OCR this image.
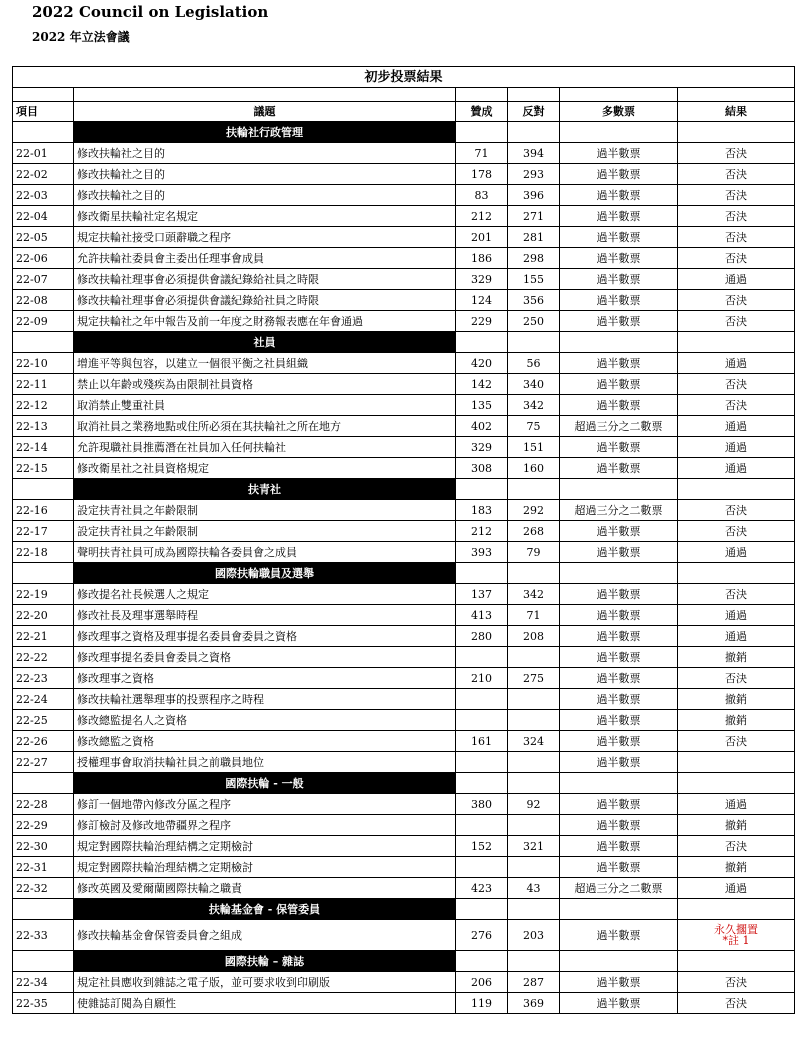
2022 Council on Legislation
2022 年立法會議
初步投票結果					

項目	議題	贊成	反對	多數票	結果
	扶輪社行政管理				
22-01	修改扶輪社之目的	71	394	過半數票	否決
22-02	修改扶輪社之目的	178	293	過半數票	否決
22-03	修改扶輪社之目的	83	396	過半數票	否決
22-04	修改衛星扶輪社定名規定	212	271	過半數票	否決
22-05	規定扶輪社接受口頭辭職之程序	201	281	過半數票	否決
22-06	允許扶輪社委員會主委出任理事會成員	186	298	過半數票	否決
22-07	修改扶輪社理事會必須提供會議紀錄給社員之時限	329	155	過半數票	通過
22-08	修改扶輪社理事會必須提供會議紀錄給社員之時限	124	356	過半數票	否決
22-09	規定扶輪社之年中報告及前一年度之財務報表應在年會通過	229	250	過半數票	否決
	社員				
22-10	增進平等與包容，以建立一個很平衡之社員組織	420	56	過半數票	通過
22-11	禁止以年齡或殘疾為由限制社員資格	142	340	過半數票	否決
22-12	取消禁止雙重社員	135	342	過半數票	否決
22-13	取消社員之業務地點或住所必須在其扶輪社之所在地方	402	75	超過三分之二數票	通過
22-14	允許現職社員推薦潛在社員加入任何扶輪社	329	151	過半數票	通過
22-15	修改衛星社之社員資格規定	308	160	過半數票	通過
	扶青社				
22-16	設定扶青社員之年齡限制	183	292	超過三分之二數票	否決
22-17	設定扶青社員之年齡限制	212	268	過半數票	否決
22-18	聲明扶青社員可成為國際扶輪各委員會之成員	393	79	過半數票	通過
	國際扶輪職員及選舉				
22-19	修改提名社長候選人之規定	137	342	過半數票	否決
22-20	修改社長及理事選舉時程	413	71	過半數票	通過
22-21	修改理事之資格及理事提名委員會委員之資格	280	208	過半數票	通過
22-22	修改理事提名委員會委員之資格			過半數票	撤銷
22-23	修改理事之資格	210	275	過半數票	否決
22-24	修改扶輪社選舉理事的投票程序之時程			過半數票	撤銷
22-25	修改總監提名人之資格			過半數票	撤銷
22-26	修改總監之資格	161	324	過半數票	否決
22-27	授權理事會取消扶輪社員之前職員地位			過半數票	
	國際扶輪 - 一般				
22-28	修訂一個地帶內修改分區之程序	380	92	過半數票	通過
22-29	修訂檢討及修改地帶疆界之程序			過半數票	撤銷
22-30	規定對國際扶輪治理結構之定期檢討	152	321	過半數票	否決
22-31	規定對國際扶輪治理結構之定期檢討			過半數票	撤銷
22-32	修改英國及愛爾蘭國際扶輪之職責	423	43	超過三分之二數票	通過
	扶輪基金會 - 保管委員				
22-33	修改扶輪基金會保管委員會之組成	276	203	過半數票	永久擱置
*註 1

	國際扶輪 – 雜誌				
22-34	規定社員應收到雜誌之電子版，並可要求收到印刷版	206	287	過半數票	否決
22-35	使雜誌訂閱為自願性	119	369	過半數票	否決
